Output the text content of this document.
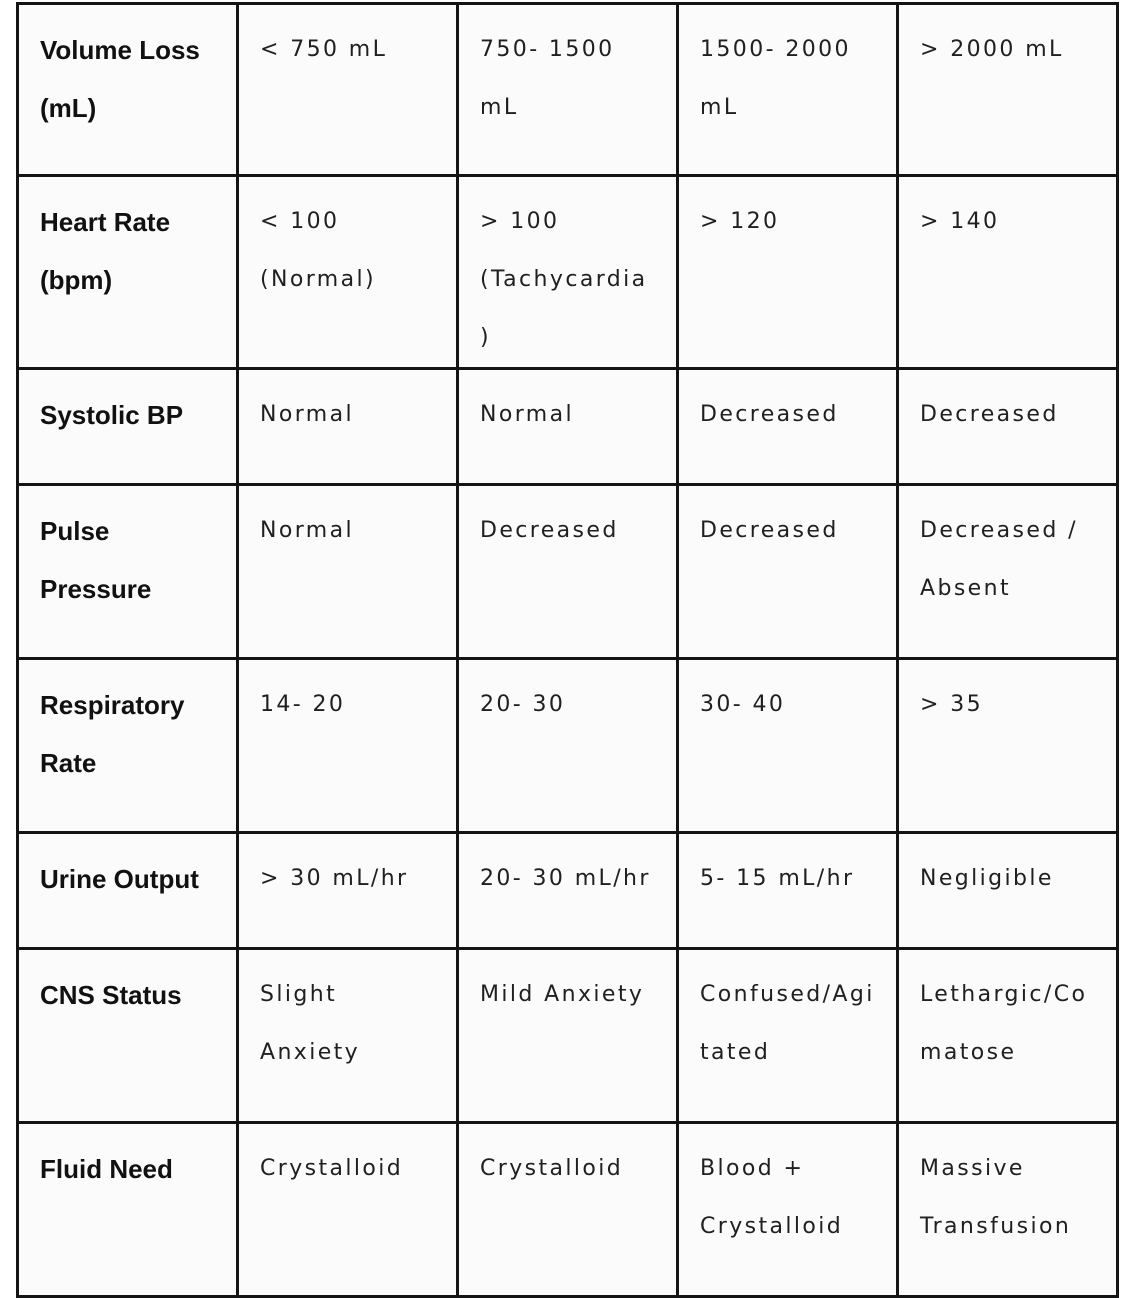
Volume Loss (mL)	< 750 mL	750- 1500 mL	1500- 2000 mL	> 2000 mL

Heart Rate (bpm)	< 100 (Normal)	> 100 (Tachycardia)	> 120	> 140

Systolic BP	Normal	Normal	Decreased	Decreased

Pulse Pressure	Normal	Decreased	Decreased	Decreased / Absent

Respiratory Rate	14- 20	20- 30	30- 40	> 35

Urine Output	> 30 mL/hr	20- 30 mL/hr	5- 15 mL/hr	Negligible

CNS Status	Slight Anxiety	Mild Anxiety	Confused/Agitated	Lethargic/Comatose

Fluid Need	Crystalloid	Crystalloid	Blood + Crystalloid	Massive Transfusion
